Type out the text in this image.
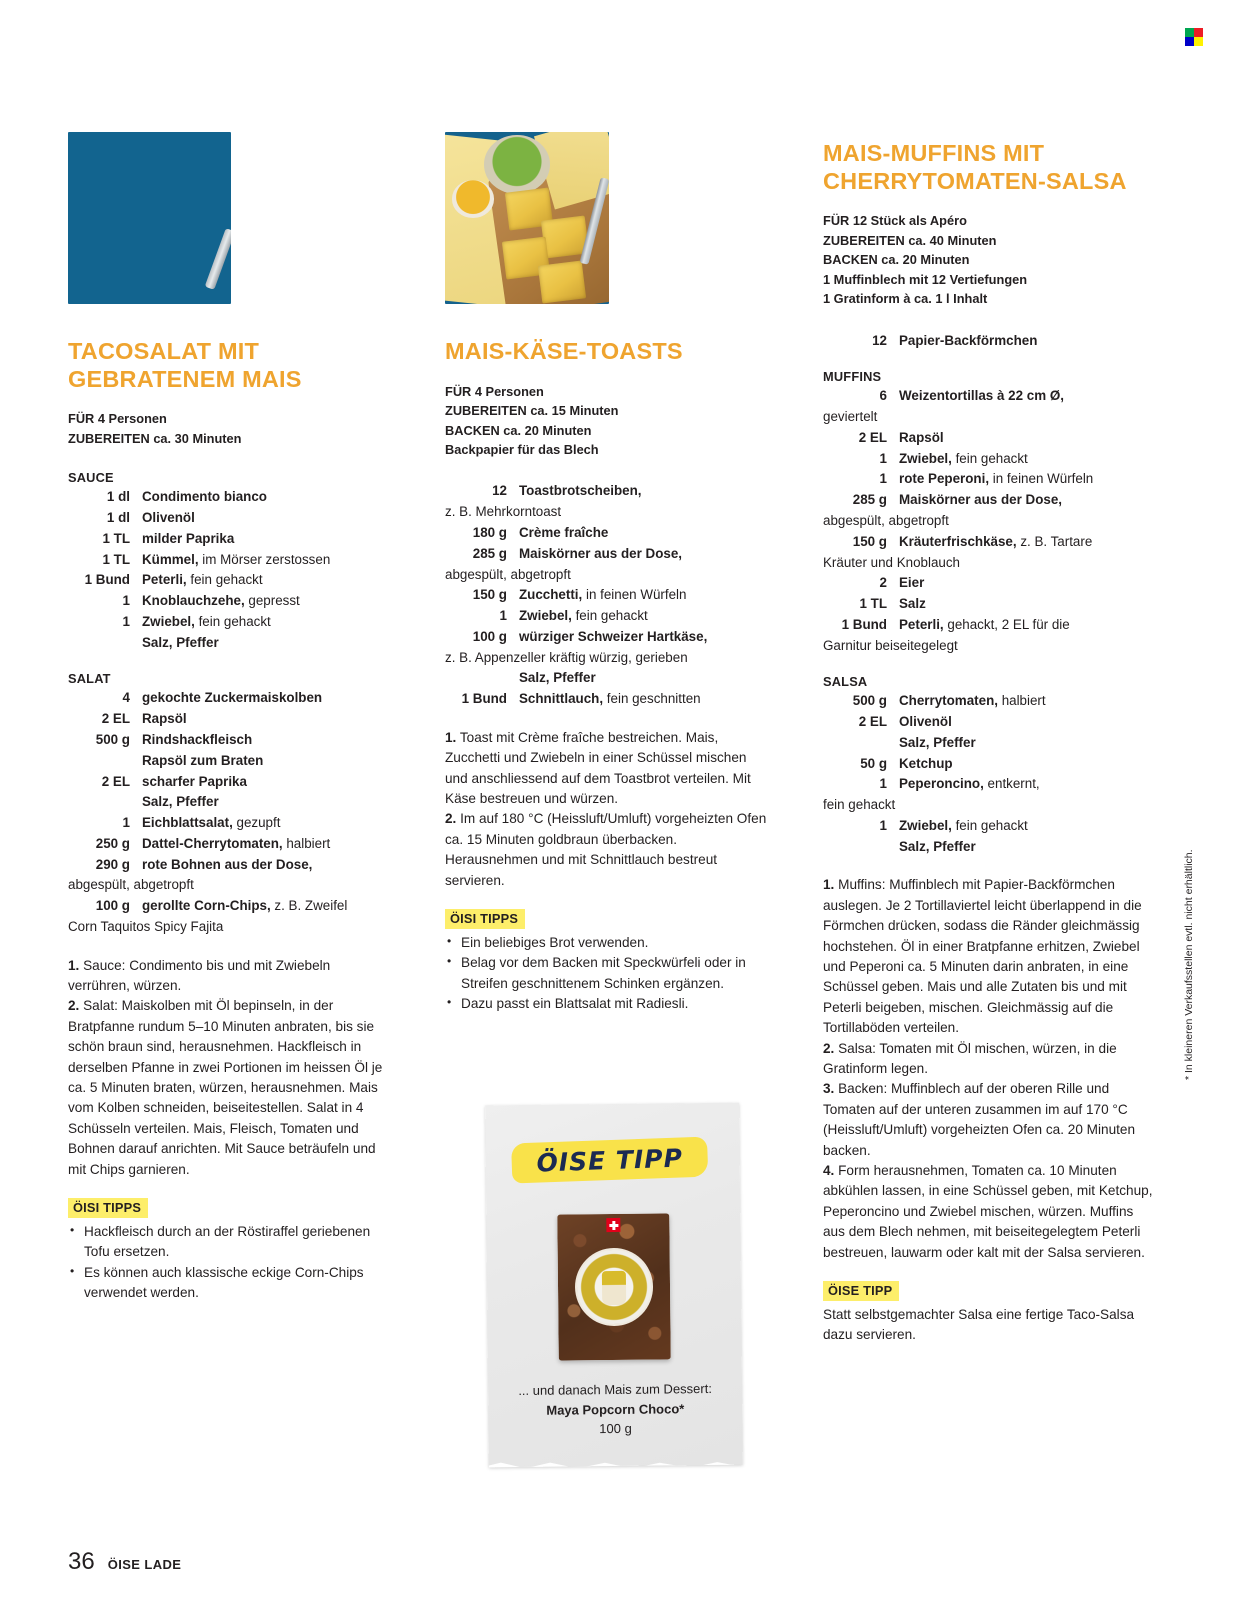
TACOSALAT MIT GEBRATENEM MAIS
FÜR 4 Personen
ZUBEREITEN ca. 30 Minuten
SAUCE
1 dl Condimento bianco
1 dl Olivenöl
1 TL milder Paprika
1 TL Kümmel, im Mörser zerstossen
1 Bund Peterli, fein gehackt
1 Knoblauchzehe, gepresst
1 Zwiebel, fein gehackt
Salz, Pfeffer
SALAT
4 gekochte Zuckermaiskolben
2 EL Rapsöl
500 g Rindshackfleisch
Rapsöl zum Braten
2 EL scharfer Paprika
Salz, Pfeffer
1 Eichblattsalat, gezupft
250 g Dattel-Cherrytomaten, halbiert
290 g rote Bohnen aus der Dose,
abgespült, abgetropft
100 g gerollte Corn-Chips, z. B. Zweifel
Corn Taquitos Spicy Fajita

1. Sauce: Condimento bis und mit Zwiebeln verrühren, würzen.

2. Salat: Maiskolben mit Öl bepinseln, in der Bratpfanne rundum 5–10 Minuten anbraten, bis sie schön braun sind, herausnehmen. Hackfleisch in derselben Pfanne in zwei Portionen im heissen Öl je ca. 5 Minuten braten, würzen, herausnehmen. Mais vom Kolben schneiden, beiseitestellen. Salat in 4 Schüsseln verteilen. Mais, Fleisch, Tomaten und Bohnen darauf anrichten. Mit Sauce beträufeln und mit Chips garnieren.

ÖISI TIPPS
• Hackfleisch durch an der Röstiraffel geriebenen Tofu ersetzen.
• Es können auch klassische eckige Corn-Chips verwendet werden.
MAIS-KÄSE-TOASTS
FÜR 4 Personen
ZUBEREITEN ca. 15 Minuten
BACKEN ca. 20 Minuten
Backpapier für das Blech
12 Toastbrotscheiben,
z. B. Mehrkorntoast
180 g Crème fraîche
285 g Maiskörner aus der Dose,
abgespült, abgetropft
150 g Zucchetti, in feinen Würfeln
1 Zwiebel, fein gehackt
100 g würziger Schweizer Hartkäse,
z. B. Appenzeller kräftig würzig, gerieben
Salz, Pfeffer
1 Bund Schnittlauch, fein geschnitten

1. Toast mit Crème fraîche bestreichen. Mais, Zucchetti und Zwiebeln in einer Schüssel mischen und anschliessend auf dem Toastbrot verteilen. Mit Käse bestreuen und würzen.

2. Im auf 180 °C (Heissluft/Umluft) vorgeheizten Ofen ca. 15 Minuten goldbraun überbacken. Herausnehmen und mit Schnittlauch bestreut servieren.

ÖISI TIPPS
• Ein beliebiges Brot verwenden.
• Belag vor dem Backen mit Speckwürfeli oder in Streifen geschnittenem Schinken ergänzen.
• Dazu passt ein Blattsalat mit Radiesli.
MAIS-MUFFINS MIT CHERRYTOMATEN-SALSA
FÜR 12 Stück als Apéro
ZUBEREITEN ca. 40 Minuten
BACKEN ca. 20 Minuten
1 Muffinblech mit 12 Vertiefungen
1 Gratinform à ca. 1 l Inhalt
12 Papier-Backförmchen
MUFFINS
6 Weizentortillas à 22 cm Ø,
geviertelt
2 EL Rapsöl
1 Zwiebel, fein gehackt
1 rote Peperoni, in feinen Würfeln
285 g Maiskörner aus der Dose,
abgespült, abgetropft
150 g Kräuterfrischkäse, z. B. Tartare
Kräuter und Knoblauch
2 Eier
1 TL Salz
1 Bund Peterli, gehackt, 2 EL für die
Garnitur beiseitegelegt
SALSA
500 g Cherrytomaten, halbiert
2 EL Olivenöl
Salz, Pfeffer
50 g Ketchup
1 Peperoncino, entkernt,
fein gehackt
1 Zwiebel, fein gehackt
Salz, Pfeffer

1. Muffins: Muffinblech mit Papier-Backförmchen auslegen. Je 2 Tortillaviertel leicht überlappend in die Förmchen drücken, sodass die Ränder gleichmässig hochstehen. Öl in einer Bratpfanne erhitzen, Zwiebel und Peperoni ca. 5 Minuten darin anbraten, in eine Schüssel geben. Mais und alle Zutaten bis und mit Peterli beigeben, mischen. Gleichmässig auf die Tortillaböden verteilen.

2. Salsa: Tomaten mit Öl mischen, würzen, in die Gratinform legen.

3. Backen: Muffinblech auf der oberen Rille und Tomaten auf der unteren zusammen im auf 170 °C (Heissluft/Umluft) vorgeheizten Ofen ca. 20 Minuten backen.

4. Form herausnehmen, Tomaten ca. 10 Minuten abkühlen lassen, in eine Schüssel geben, mit Ketchup, Peperoncino und Zwiebel mischen, würzen. Muffins aus dem Blech nehmen, mit beiseitegelegtem Peterli bestreuen, lauwarm oder kalt mit der Salsa servieren.

ÖISE TIPP
Statt selbstgemachter Salsa eine fertige Taco-Salsa dazu servieren.
ÖISE TIPP
... und danach Mais zum Dessert:
Maya Popcorn Choco*
100 g
* In kleineren Verkaufsstellen evtl. nicht erhältlich.
36 ÖISE LADE
